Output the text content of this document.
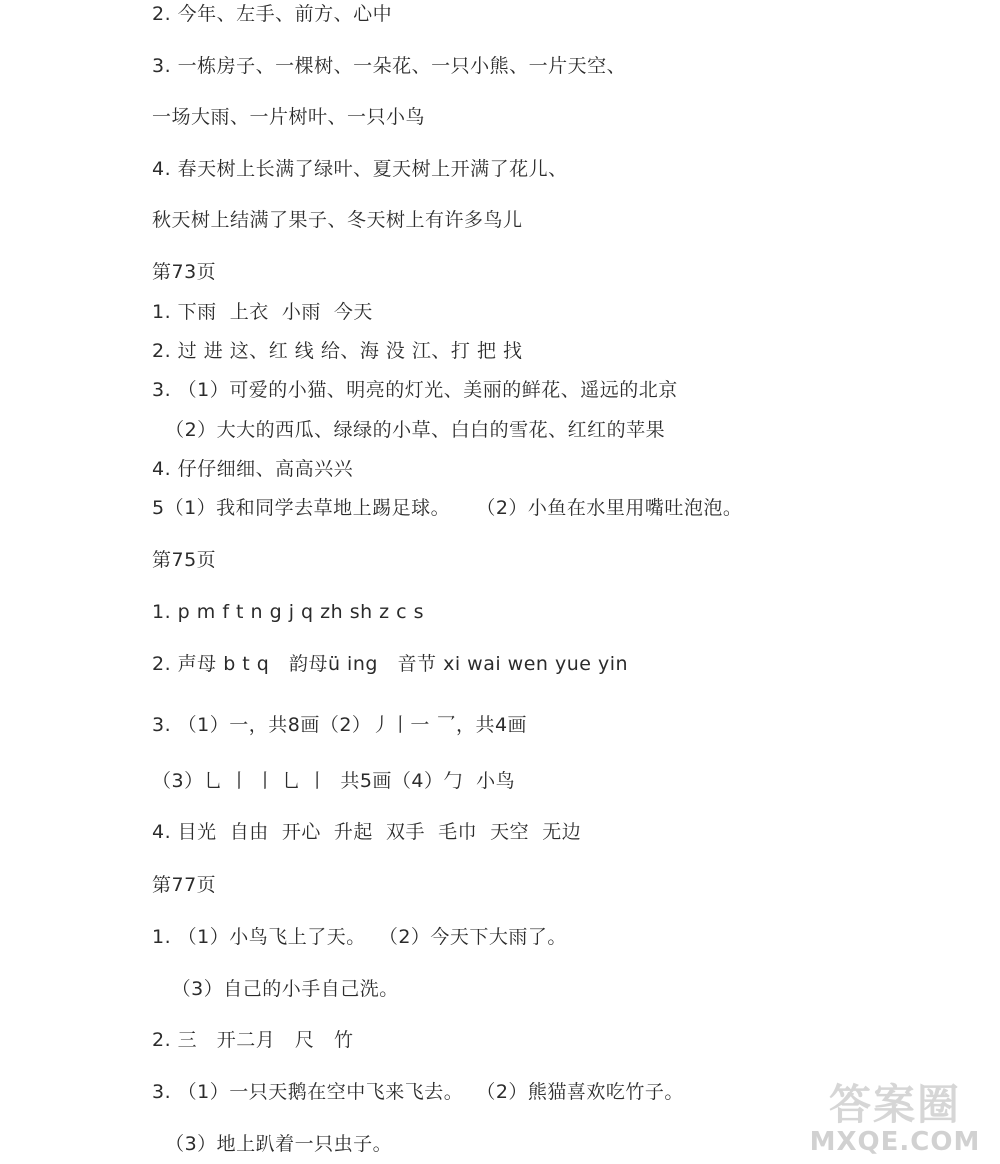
2. 今年、左手、前方、心中
3. 一栋房子、一棵树、一朵花、一只小熊、一片天空、
一场大雨、一片树叶、一只小鸟
4. 春天树上长满了绿叶、夏天树上开满了花儿、
秋天树上结满了果子、冬天树上有许多鸟儿
第73页
1. 下雨  上衣  小雨  今天
2. 过 进 这、红 线 给、海 没 江、打 把 找
3. （1）可爱的小猫、明亮的灯光、美丽的鲜花、遥远的北京
（2）大大的西瓜、绿绿的小草、白白的雪花、红红的苹果
4. 仔仔细细、高高兴兴
5（1）我和同学去草地上踢足球。    （2）小鱼在水里用嘴吐泡泡。
第75页
1. p m f t n g j q zh sh z c s
2. 声母 b t q   韵母ü ing   音节 xi wai wen yue yin
3. （1）一，共8画（2）丿丨一 乛，共4画
（3）乚 丨 丨 乚 丨  共5画（4）勹  小鸟
4. 目光  自由  开心  升起  双手  毛巾  天空  无边
第77页
1. （1）小鸟飞上了天。  （2）今天下大雨了。
（3）自己的小手自己洗。
2. 三   开二月   尺   竹
3. （1）一只天鹅在空中飞来飞去。  （2）熊猫喜欢吃竹子。
（3）地上趴着一只虫子。
答案圈
MXQE.COM
